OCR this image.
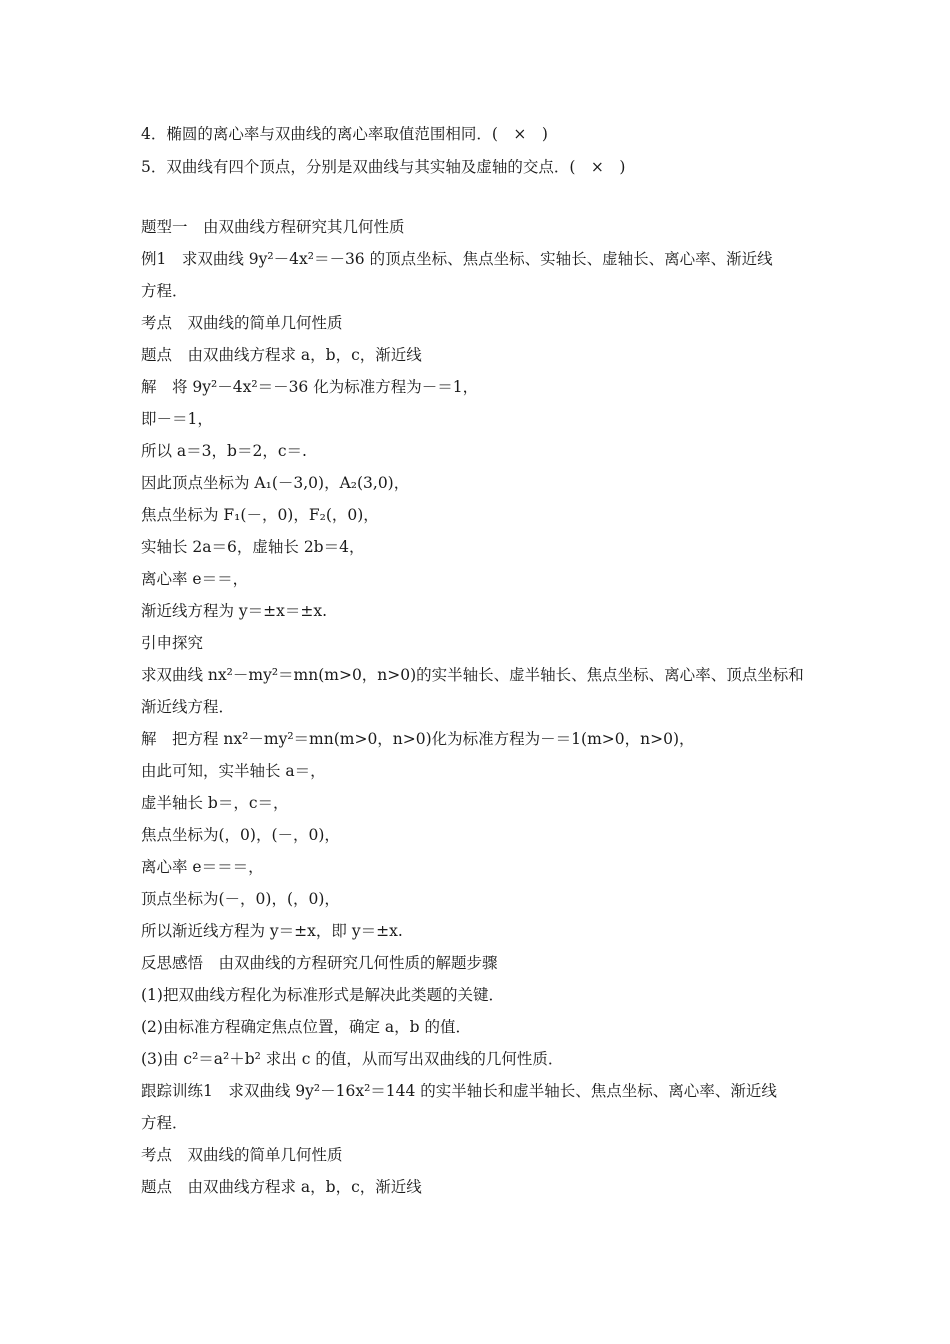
4．椭圆的离心率与双曲线的离心率取值范围相同．(　×　)
5．双曲线有四个顶点，分别是双曲线与其实轴及虚轴的交点．(　×　)
题型一　由双曲线方程研究其几何性质
例1　求双曲线 9y²－4x²＝－36 的顶点坐标、焦点坐标、实轴长、虚轴长、离心率、渐近线
方程．
考点　双曲线的简单几何性质
题点　由双曲线方程求 a，b，c，渐近线
解　将 9y²－4x²＝－36 化为标准方程为－＝1，
即－＝1，
所以 a＝3，b＝2，c＝.
因此顶点坐标为 A₁(－3,0)，A₂(3,0)，
焦点坐标为 F₁(－，0)，F₂(，0)，
实轴长 2a＝6，虚轴长 2b＝4，
离心率 e＝＝，
渐近线方程为 y＝±x＝±x.
引申探究
求双曲线 nx²－my²＝mn(m>0，n>0)的实半轴长、虚半轴长、焦点坐标、离心率、顶点坐标和
渐近线方程．
解　把方程 nx²－my²＝mn(m>0，n>0)化为标准方程为－＝1(m>0，n>0)，
由此可知，实半轴长 a＝，
虚半轴长 b＝，c＝，
焦点坐标为(，0)，(－，0)，
离心率 e＝＝＝，
顶点坐标为(－，0)，(，0)，
所以渐近线方程为 y＝±x，即 y＝±x.
反思感悟　由双曲线的方程研究几何性质的解题步骤
(1)把双曲线方程化为标准形式是解决此类题的关键．
(2)由标准方程确定焦点位置，确定 a，b 的值．
(3)由 c²＝a²＋b² 求出 c 的值，从而写出双曲线的几何性质．
跟踪训练1　求双曲线 9y²－16x²＝144 的实半轴长和虚半轴长、焦点坐标、离心率、渐近线
方程．
考点　双曲线的简单几何性质
题点　由双曲线方程求 a，b，c，渐近线
